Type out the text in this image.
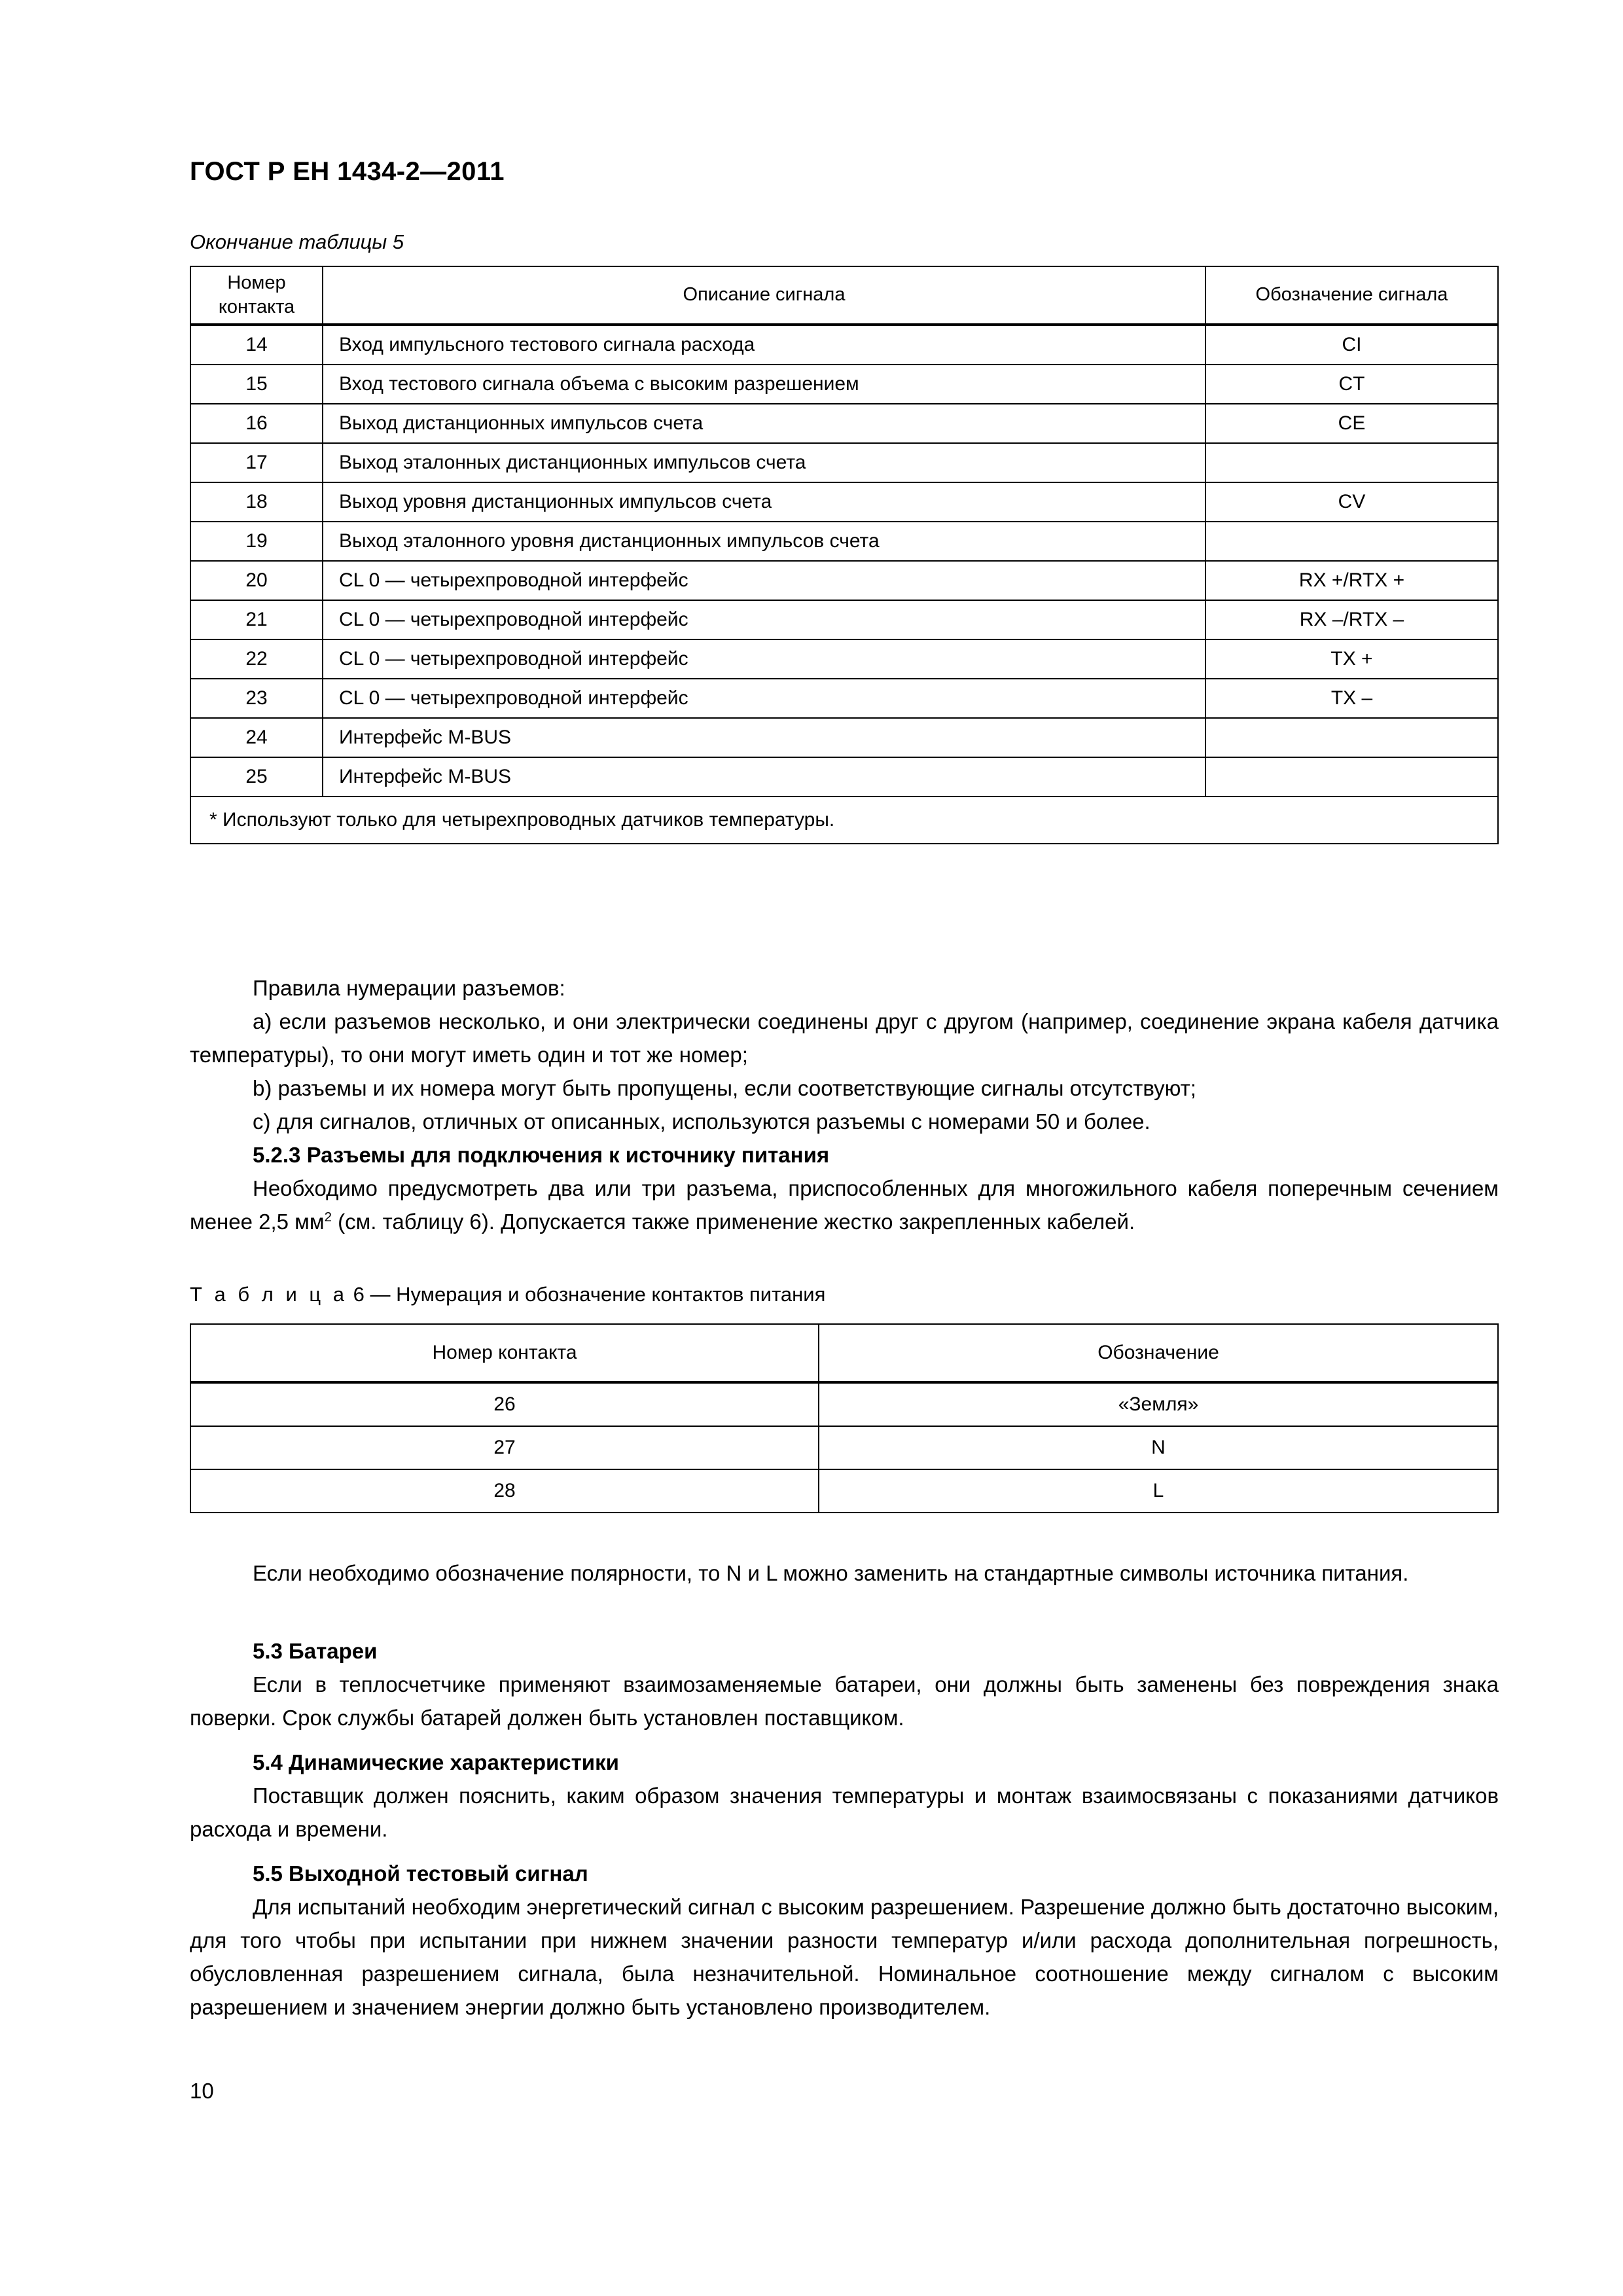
ГОСТ Р ЕН 1434-2—2011
Окончание таблицы 5
Номер контакта	Описание сигнала	Обозначение сигнала
14	Вход импульсного тестового сигнала расхода	CI
15	Вход тестового сигнала объема с высоким разрешением	CT
16	Выход дистанционных импульсов счета	CE
17	Выход эталонных дистанционных импульсов счета	
18	Выход уровня дистанционных импульсов счета	CV
19	Выход эталонного уровня дистанционных импульсов счета	
20	CL 0 — четырехпроводной интерфейс	RX +/RTX +
21	CL 0 — четырехпроводной интерфейс	RX –/RTX –
22	CL 0 — четырехпроводной интерфейс	TX +
23	CL 0 — четырехпроводной интерфейс	TX –
24	Интерфейс M-BUS	
25	Интерфейс M-BUS	
* Используют только для четырехпроводных датчиков температуры.		
Правила нумерации разъемов:
a) если разъемов несколько, и они электрически соединены друг с другом (например, соединение экрана кабеля датчика температуры), то они могут иметь один и тот же номер;
b) разъемы и их номера могут быть пропущены, если соответствующие сигналы отсутствуют;
c) для сигналов, отличных от описанных, используются разъемы с номерами 50 и более.
5.2.3 Разъемы для подключения к источнику питания
Необходимо предусмотреть два или три разъема, приспособленных для многожильного кабеля поперечным сечением менее 2,5 $мм^2$ (см. таблицу 6). Допускается также применение жестко закрепленных кабелей.
Т а б л и ц а 6 — Нумерация и обозначение контактов питания
Номер контакта	Обозначение
26	«Земля»
27	N
28	L
Если необходимо обозначение полярности, то N и L можно заменить на стандартные символы источника питания.
5.3 Батареи
Если в теплосчетчике применяют взаимозаменяемые батареи, они должны быть заменены без повреждения знака поверки. Срок службы батарей должен быть установлен поставщиком.
5.4 Динамические характеристики
Поставщик должен пояснить, каким образом значения температуры и монтаж взаимосвязаны с показаниями датчиков расхода и времени.
5.5 Выходной тестовый сигнал
Для испытаний необходим энергетический сигнал с высоким разрешением. Разрешение должно быть достаточно высоким, для того чтобы при испытании при нижнем значении разности температур и/или расхода дополнительная погрешность, обусловленная разрешением сигнала, была незначительной. Номинальное соотношение между сигналом с высоким разрешением и значением энергии должно быть установлено производителем.
10
